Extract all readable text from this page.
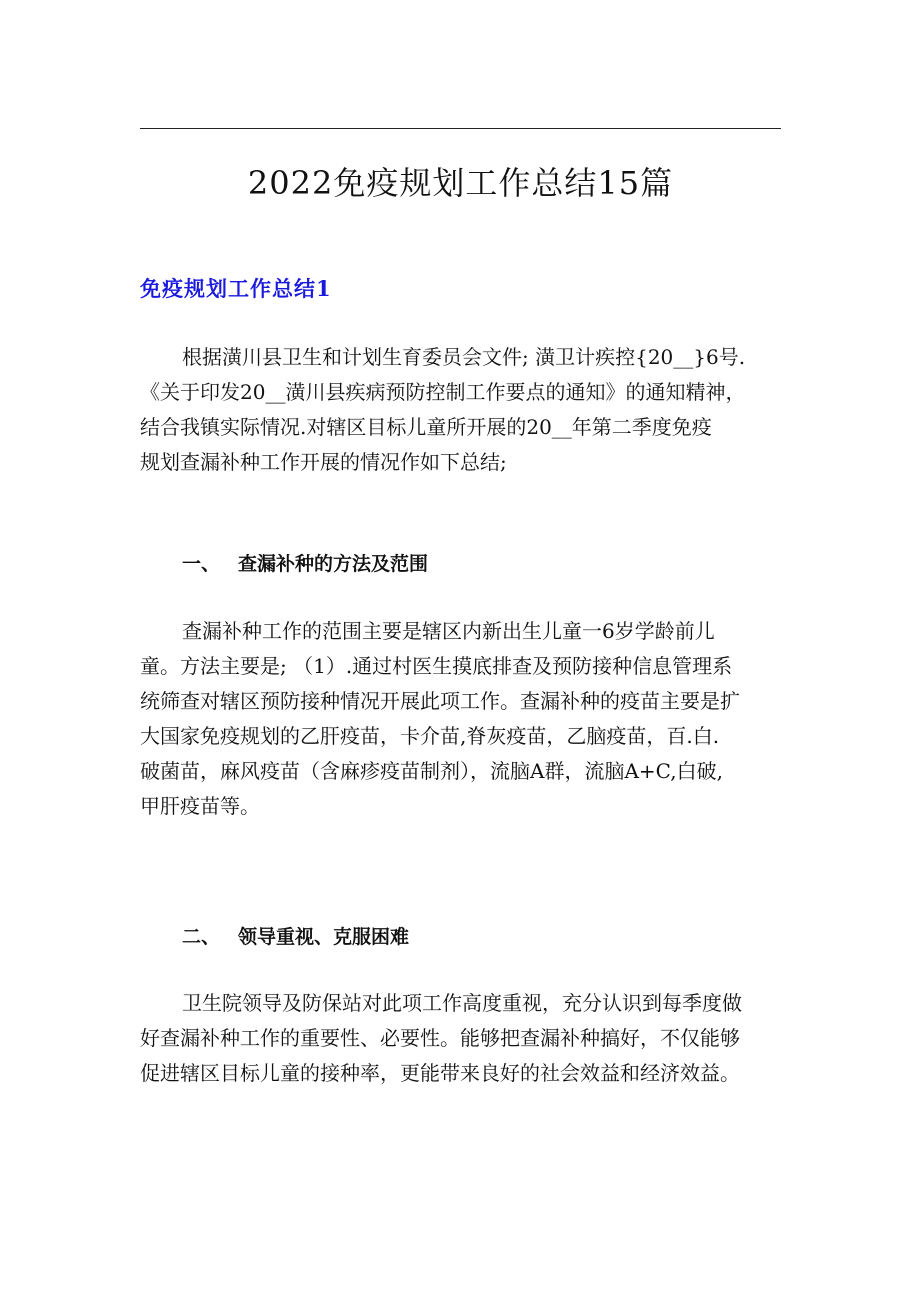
2022免疫规划工作总结15篇
免疫规划工作总结1
根据潢川县卫生和计划生育委员会文件; 潢卫计疾控{20__}6号.
《关于印发20__潢川县疾病预防控制工作要点的通知》的通知精神，
结合我镇实际情况.对辖区目标儿童所开展的20__年第二季度免疫
规划查漏补种工作开展的情况作如下总结;
一、 查漏补种的方法及范围
查漏补种工作的范围主要是辖区内新出生儿童一6岁学龄前儿
童。方法主要是; （1）.通过村医生摸底排查及预防接种信息管理系
统筛查对辖区预防接种情况开展此项工作。查漏补种的疫苗主要是扩
大国家免疫规划的乙肝疫苗，卡介苗,脊灰疫苗，乙脑疫苗，百.白.
破菌苗，麻风疫苗（含麻疹疫苗制剂），流脑A群，流脑A+C,白破,
甲肝疫苗等。
二、 领导重视、克服困难
卫生院领导及防保站对此项工作高度重视，充分认识到每季度做
好查漏补种工作的重要性、必要性。能够把查漏补种搞好，不仅能够
促进辖区目标儿童的接种率，更能带来良好的社会效益和经济效益。
